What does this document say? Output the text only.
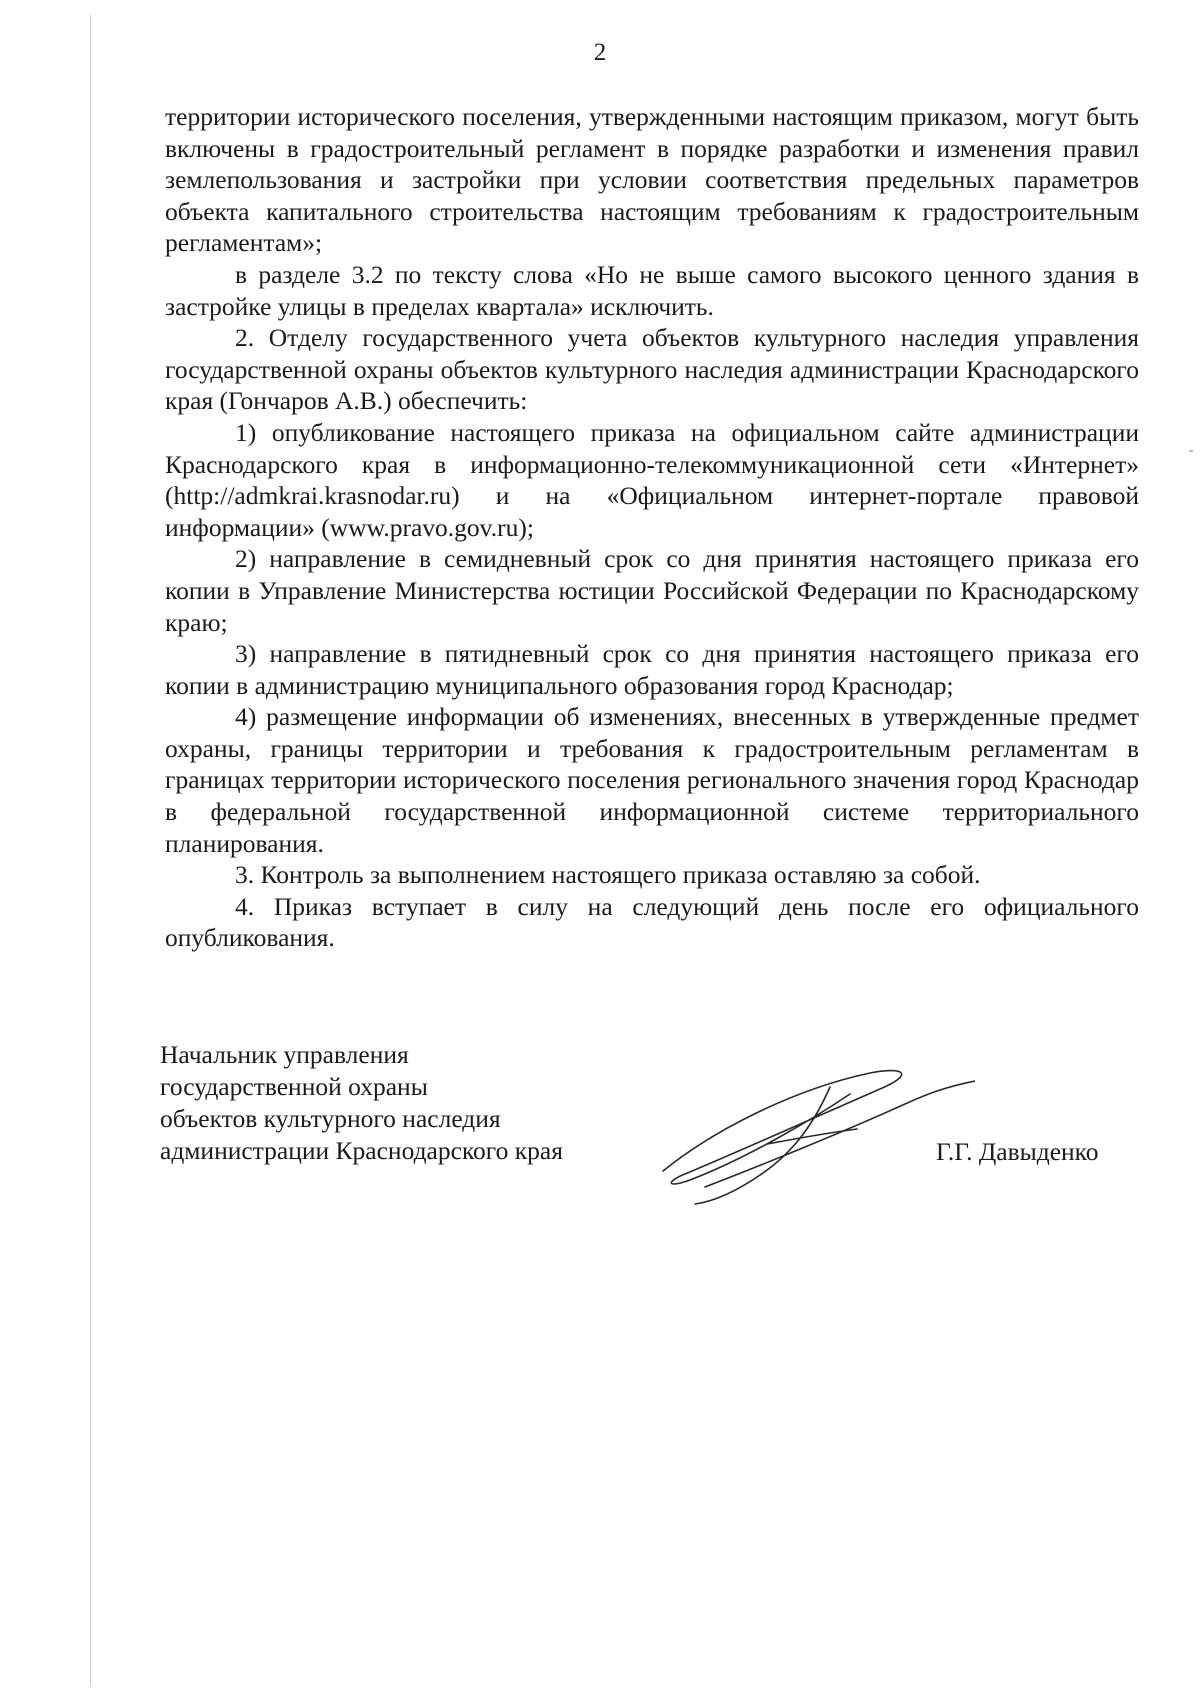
2

территории исторического поселения, утвержденными настоящим приказом, могут быть включены в градостроительный регламент в порядке разработки и изменения правил землепользования и застройки при условии соответствия предельных параметров объекта капитального строительства настоящим требованиям к градостроительным регламентам»;

в разделе 3.2 по тексту слова «Но не выше самого высокого ценного здания в застройке улицы в пределах квартала» исключить.

2. Отделу государственного учета объектов культурного наследия управления государственной охраны объектов культурного наследия администрации Краснодарского края (Гончаров А.В.) обеспечить:

1) опубликование настоящего приказа на официальном сайте администрации Краснодарского края в информационно-телекоммуникационной сети «Интернет» (http://admkrai.krasnodar.ru) и на «Официальном интернет-портале правовой информации» (www.pravo.gov.ru);

2) направление в семидневный срок со дня принятия настоящего приказа его копии в Управление Министерства юстиции Российской Федерации по Краснодарскому краю;

3) направление в пятидневный срок со дня принятия настоящего приказа его копии в администрацию муниципального образования город Краснодар;

4) размещение информации об изменениях, внесенных в утвержденные предмет охраны, границы территории и требования к градостроительным регламентам в границах территории исторического поселения регионального значения город Краснодар в федеральной государственной информационной системе территориального планирования.

3. Контроль за выполнением настоящего приказа оставляю за собой.

4. Приказ вступает в силу на следующий день после его официального опубликования.

Начальник управления
государственной охраны
объектов культурного наследия
администрации Краснодарского края	Г.Г. Давыденко
